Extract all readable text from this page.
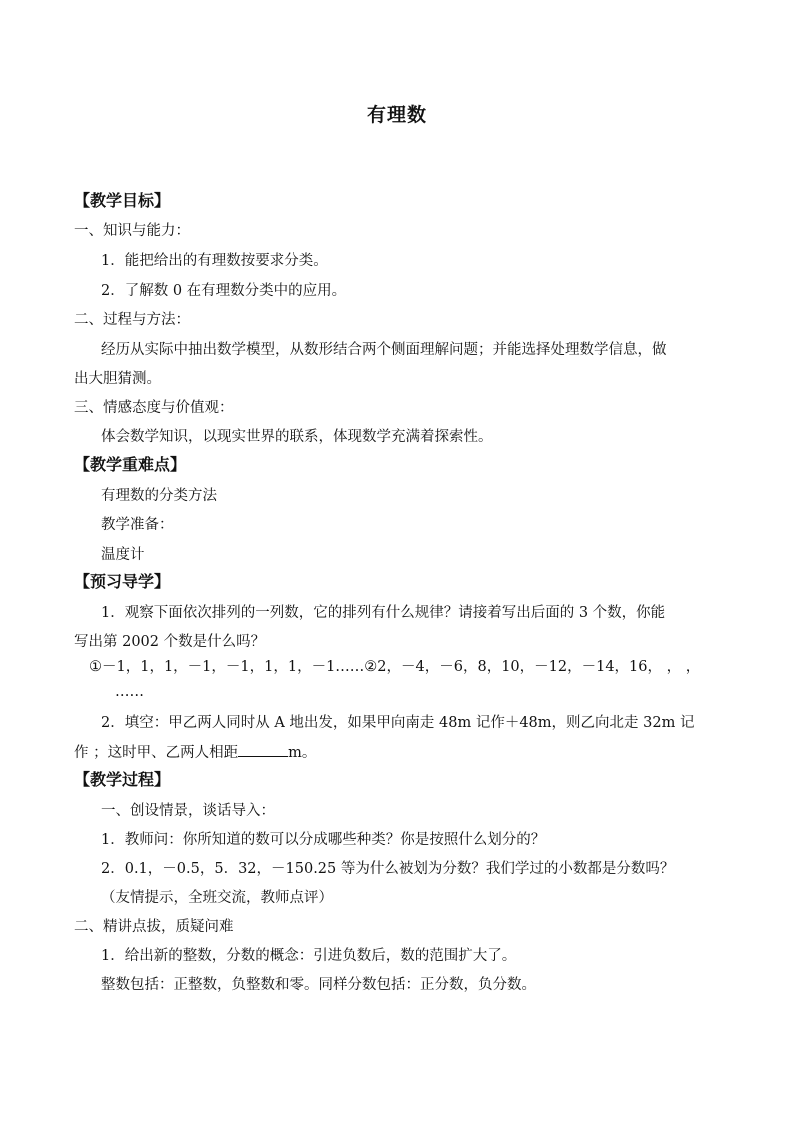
有理数
【教学目标】
一、知识与能力：
1．能把给出的有理数按要求分类。
2．了解数 0 在有理数分类中的应用。
二、过程与方法：
经历从实际中抽出数学模型，从数形结合两个侧面理解问题；并能选择处理数学信息，做
出大胆猜测。
三、情感态度与价值观：
体会数学知识，以现实世界的联系，体现数学充满着探索性。
【教学重难点】
有理数的分类方法
教学准备：
温度计
【预习导学】
1．观察下面依次排列的一列数，它的排列有什么规律？请接着写出后面的 3 个数，你能
写出第 2002 个数是什么吗？
①－1，1，1，－1，－1，1，1，－1……②2，－4，－6，8，10，－12，－14，16， ， ，
……
2．填空：甲乙两人同时从 A 地出发，如果甲向南走 48m 记作＋48m，则乙向北走 32m 记
作 ；这时甲、乙两人相距	m。
【教学过程】
一、创设情景，谈话导入：
1．教师问：你所知道的数可以分成哪些种类？你是按照什么划分的？
2．0.1，－0.5，5．32，－150.25 等为什么被划为分数？我们学过的小数都是分数吗？
（友情提示，全班交流，教师点评）
二、精讲点拔，质疑问难
1．给出新的整数，分数的概念：引进负数后，数的范围扩大了。
整数包括：正整数，负整数和零。同样分数包括：正分数，负分数。
